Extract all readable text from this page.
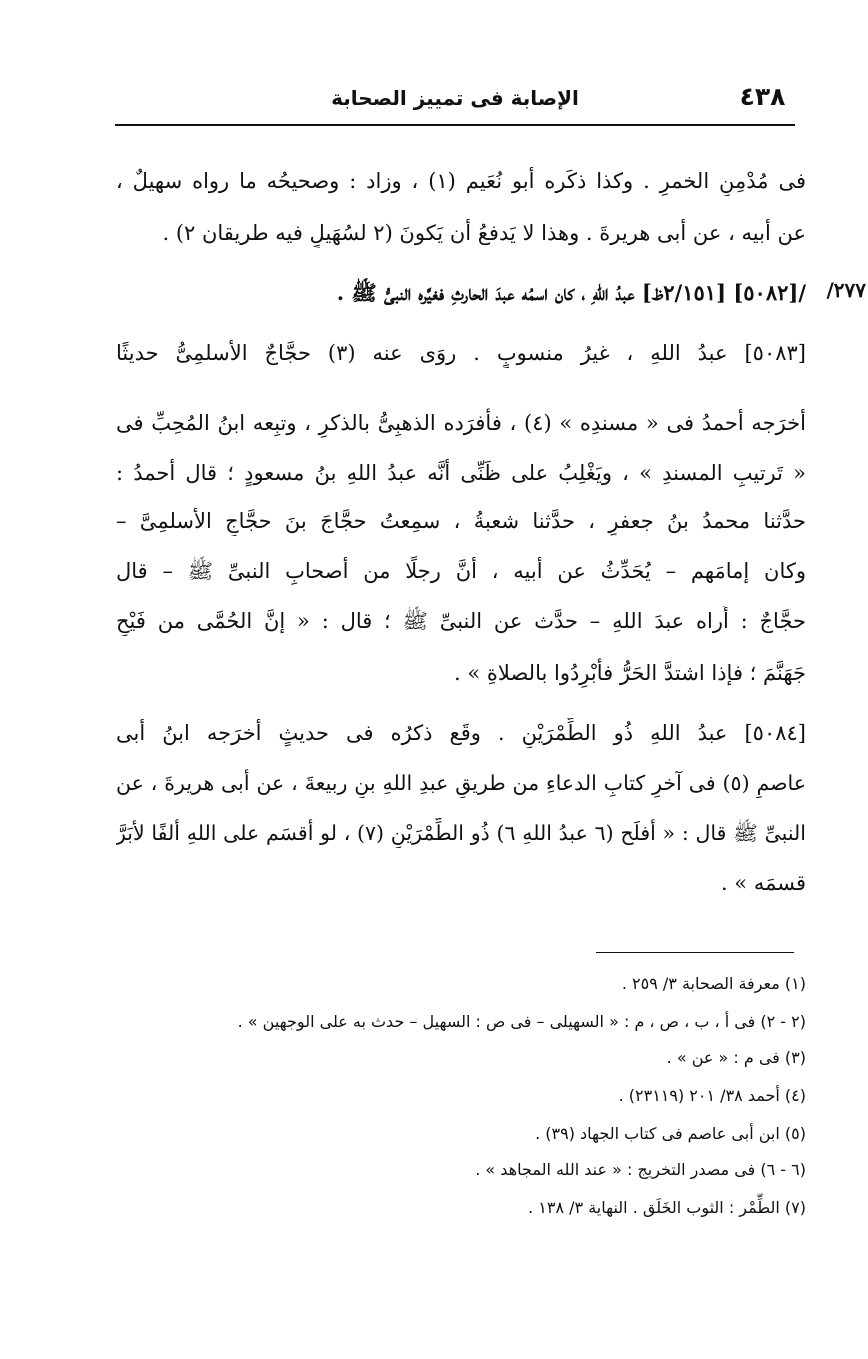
٤٣٨
الإصابة فى تمييز الصحابة
٢٧٧/
فى مُدْمِنِ الخمرِ . وكذا ذكَره أبو نُعَيم (١) ، وزاد : وصحيحُه ما رواه سهيلٌ ،
عن أبيه ، عن أبى هريرةَ . وهذا لا يَدفعُ أن يَكونَ (٢ لسُهَيلٍ فيه طريقان ٢) .
/[٥٠٨٢] [٢/١٥١ظ] عبدُ اللهِ ، كان اسمُه عبدَ الحارثِ فغيَّره النبىُّ ﷺ .
[٥٠٨٣] عبدُ اللهِ ، غيرُ منسوبٍ . روَى عنه (٣) حجَّاجٌ الأسلمِىُّ حديثًا
أخرَجه أحمدُ فى « مسندِه » (٤) ، فأفرَده الذهبِىُّ بالذكرِ ، وتبِعه ابنُ المُحِبِّ فى
« تَرتيبِ المسندِ » ، ويَغْلِبُ على ظَنِّى أنَّه عبدُ اللهِ بنُ مسعودٍ ؛ قال أحمدُ :
حدَّثنا محمدُ بنُ جعفرٍ ، حدَّثنا شعبةُ ، سمِعتُ حجَّاجَ بنَ حجَّاجٍ الأسلمِىَّ –
وكان إمامَهم – يُحَدِّثُ عن أبيه ، أنَّ رجلًا من أصحابِ النبىِّ ﷺ – قال
حجَّاجٌ : أُراه عبدَ اللهِ – حدَّث عن النبىِّ ﷺ ؛ قال : « إنَّ الحُمَّى من فَيْحِ
جَهَنَّمَ ؛ فإذا اشتدَّ الحَرُّ فأَبْرِدُوا بالصلاةِ » .
[٥٠٨٤] عبدُ اللهِ ذُو الطِّمْرَيْنِ . وقَع ذكرُه فى حديثٍ أخرَجه ابنُ أبى
عاصمٍ (٥) فى آخرِ كتابِ الدعاءِ من طريقِ عبدِ اللهِ بنِ ربيعةَ ، عن أبى هريرةَ ، عن
النبىِّ ﷺ قال : « أفلَح (٦ عبدُ اللهِ ٦) ذُو الطِّمْرَيْنِ (٧) ، لو أقسَم على اللهِ ألفًا لأبَرَّ
قسمَه » .
(١) معرفة الصحابة ٣/ ٢٥٩ .
(٢ - ٢) فى أ ، ب ، ص ، م : « السهيلى – فى ص : السهيل – حدث به على الوجهين » .
(٣) فى م : « عن » .
(٤) أحمد ٣٨/ ٢٠١ (٢٣١١٩) .
(٥) ابن أبى عاصم فى كتاب الجهاد (٣٩) .
(٦ - ٦) فى مصدر التخريج : « عند الله المجاهد » .
(٧) الطِّمْر : الثوب الخَلَق . النهاية ٣/ ١٣٨ .
